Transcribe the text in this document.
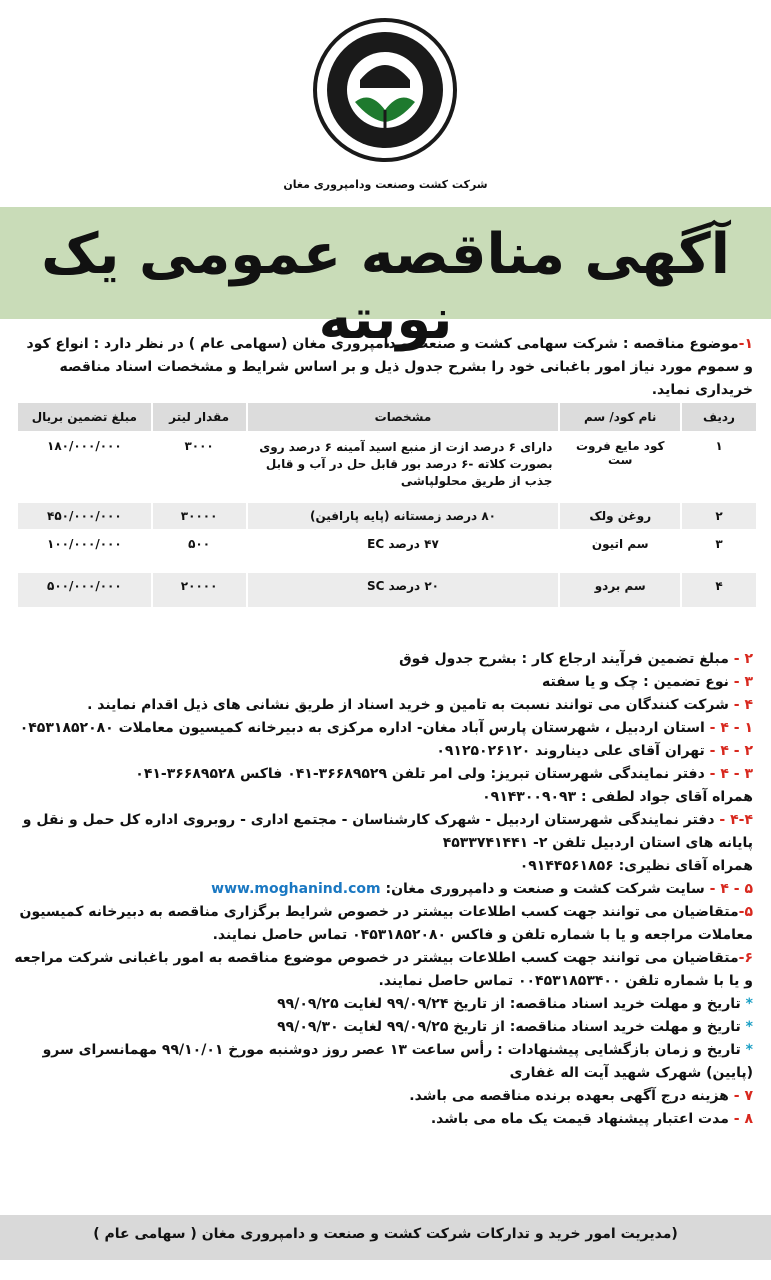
شرکت کشت وصنعت ودامپروری مغان
آگهی مناقصه عمومی یک نوبته	۱-موضوع مناقصه : شرکت سهامی کشت و صنعت و دامپروری مغان (سهامی عام ) در نظر دارد : انواع کود و سموم مورد نیاز امور باغبانی خود را بشرح جدول ذیل و بر اساس شرایط و مشخصات اسناد مناقصه خریداری نماید.
ردیف	نام کود/ سم	مشخصات	مقدار لیتر	مبلغ تضمین بریال
۱	کود مایع فروت ست	دارای ۶ درصد ازت از منبع اسید آمینه ۶ درصد روی بصورت کلاته -۶ درصد بور قابل حل در آب و قابل جذب از طریق محلولپاشی	۳۰۰۰	۱۸۰/۰۰۰/۰۰۰
۲	روغن ولک	۸۰ درصد زمستانه (پایه پارافین)	۳۰۰۰۰	۴۵۰/۰۰۰/۰۰۰
۳	سم اتیون	۴۷ درصد EC	۵۰۰	۱۰۰/۰۰۰/۰۰۰
۴	سم بردو	۲۰ درصد SC	۲۰۰۰۰	۵۰۰/۰۰۰/۰۰۰

۲ - مبلغ تضمین فرآیند ارجاع کار : بشرح جدول فوق

۳ - نوع تضمین : چک و یا سفته

۴ - شرکت کنندگان می توانند نسبت به تامین و خرید اسناد از طریق نشانی های ذیل اقدام نمایند .

۱ - ۴ - استان اردبیل ، شهرستان پارس آباد مغان- اداره مرکزی به دبیرخانه کمیسیون معاملات ۰۴۵۳۱۸۵۲۰۸۰

۲ - ۴ - تهران آقای علی دیناروند ۰۹۱۲۵۰۲۶۱۲۰

۳ - ۴ - دفتر نمایندگی شهرستان تبریز: ولی امر تلفن ۳۶۶۸۹۵۲۹-۰۴۱ فاکس ۳۶۶۸۹۵۲۸-۰۴۱

همراه آقای جواد لطفی : ۰۹۱۴۳۰۰۹۰۹۳

۴-۴ - دفتر نمایندگی شهرستان اردبیل - شهرک کارشناسان - مجتمع اداری - روبروی اداره کل حمل و نقل و پایانه های استان اردبیل تلفن ۲- ۴۵۳۳۷۴۱۴۴۱

همراه آقای نظیری: ۰۹۱۴۴۵۶۱۸۵۶

۵ - ۴ - سایت شرکت کشت و صنعت و دامپروری مغان: www.moghanind.com

۵-متقاضیان می توانند جهت کسب اطلاعات بیشتر در خصوص شرایط برگزاری مناقصه به دبیرخانه کمیسیون معاملات مراجعه و یا با شماره تلفن و فاکس ۰۴۵۳۱۸۵۲۰۸۰ تماس حاصل نمایند.

۶-متقاضیان می توانند جهت کسب اطلاعات بیشتر در خصوص موضوع مناقصه به امور باغبانی شرکت مراجعه و یا با شماره تلفن ۰۰۴۵۳۱۸۵۳۴۰۰ تماس حاصل نمایند.

* تاریخ و مهلت خرید اسناد مناقصه: از تاریخ ۹۹/۰۹/۲۴ لغایت ۹۹/۰۹/۲۵

* تاریخ و مهلت خرید اسناد مناقصه: از تاریخ ۹۹/۰۹/۲۵ لغایت ۹۹/۰۹/۳۰

* تاریخ و زمان بازگشایی پیشنهادات : رأس ساعت ۱۳ عصر روز دوشنبه مورخ ۹۹/۱۰/۰۱ مهمانسرای سرو (پایین) شهرک شهید آیت اله غفاری

۷ - هزینه درج آگهی بعهده برنده مناقصه می باشد.

۸ - مدت اعتبار پیشنهاد قیمت یک ماه می باشد.

(مدیریت امور خرید و تدارکات شرکت کشت و صنعت و دامپروری مغان ( سهامی عام )
